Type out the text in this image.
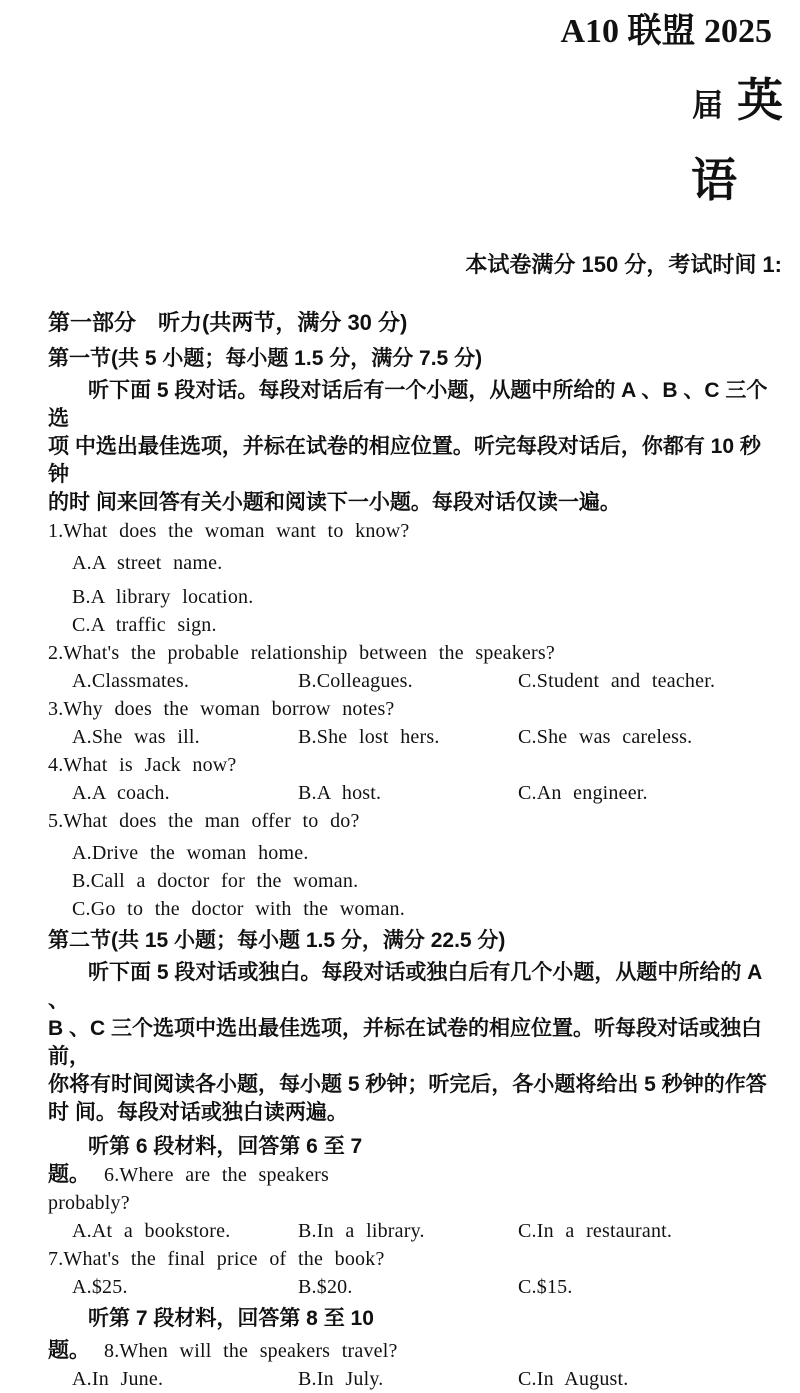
A10 联盟 2025
届 英
语
本试卷满分 150 分，考试时间 1:
第一部分　听力(共两节，满分 30 分)
第一节(共 5 小题；每小题 1.5 分，满分 7.5 分)
听下面 5 段对话。每段对话后有一个小题，从题中所给的 A 、B 、C 三个选
项 中选出最佳选项，并标在试卷的相应位置。听完每段对话后，你都有 10 秒钟
的时 间来回答有关小题和阅读下一小题。每段对话仅读一遍。
1.What does the woman want to know?
A.A street name.
B.A library location.
C.A traffic sign.
2.What's the probable relationship between the speakers?
A.Classmates.	B.Colleagues.	C.Student and teacher.
3.Why does the woman borrow notes?
A.She was ill.	B.She lost hers.	C.She was careless.
4.What is Jack now?
A.A coach.	B.A host.	C.An engineer.
5.What does the man offer to do?
A.Drive the woman home.
B.Call a doctor for the woman.
C.Go to the doctor with the woman.
第二节(共 15 小题；每小题 1.5 分，满分 22.5 分)
听下面 5 段对话或独白。每段对话或独白后有几个小题，从题中所给的 A 、
B 、C 三个选项中选出最佳选项，并标在试卷的相应位置。听每段对话或独白前，
你将有时间阅读各小题，每小题 5 秒钟；听完后，各小题将给出 5 秒钟的作答
时 间。每段对话或独白读两遍。
听第 6 段材料，回答第 6 至 7
题。 6.Where are the speakers
probably?
A.At a bookstore.	B.In a library.	C.In a restaurant.
7.What's the final price of the book?
A.$25.	B.$20.	C.$15.
听第 7 段材料，回答第 8 至 10
题。 8.When will the speakers travel?
A.In June.	B.In July.	C.In August.
